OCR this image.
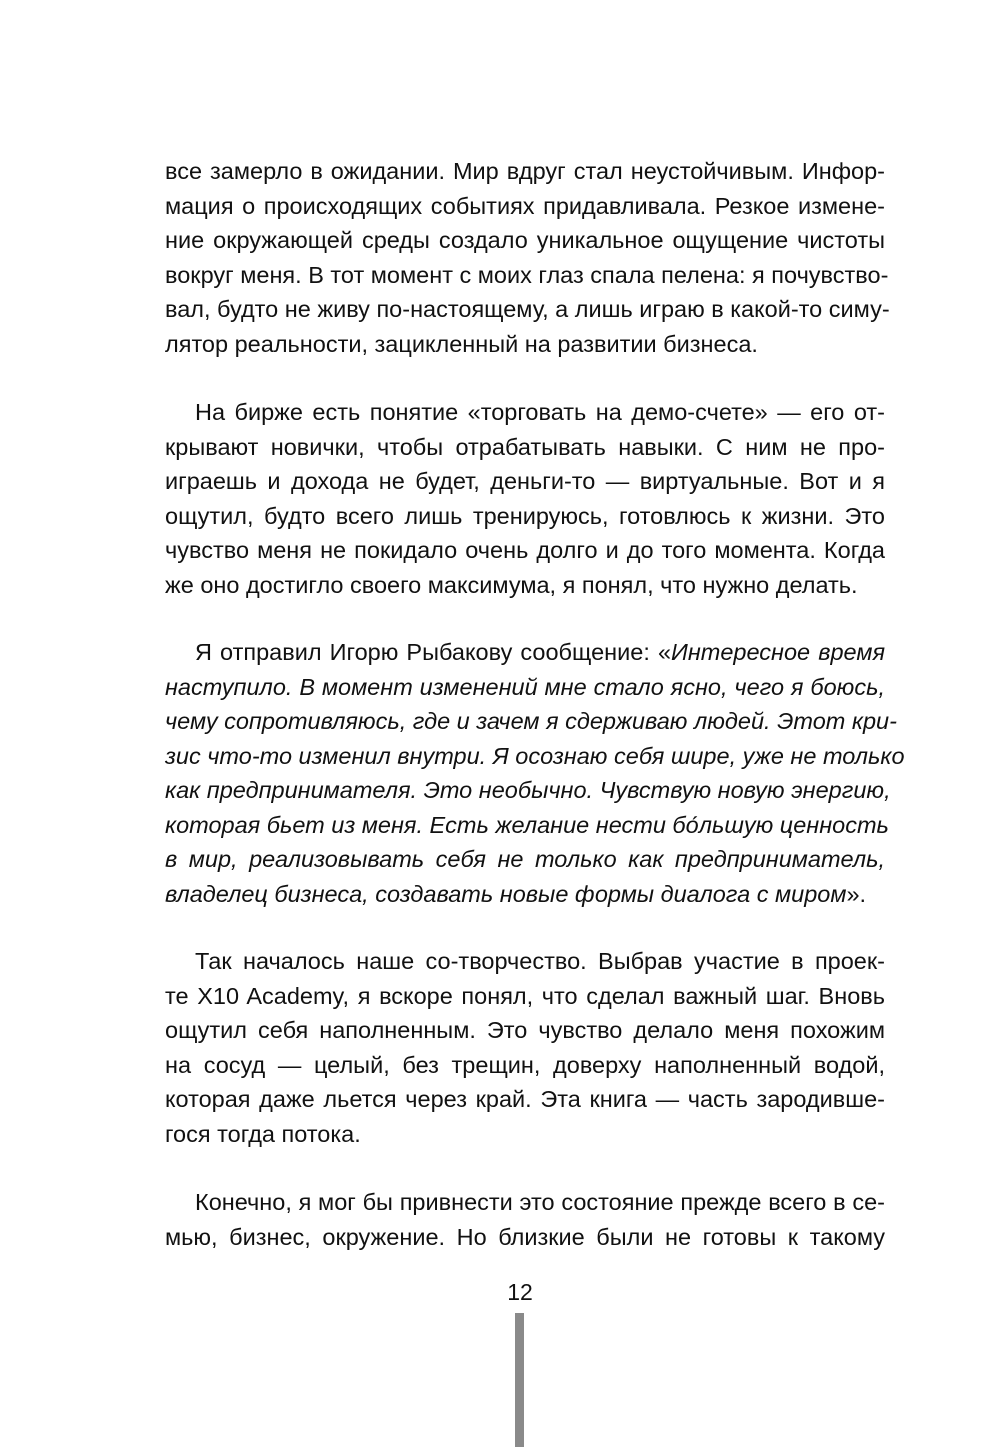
все замерло в ожидании. Мир вдруг стал неустойчивым. Инфор-
мация о происходящих событиях придавливала. Резкое измене-
ние окружающей среды создало уникальное ощущение чистоты
вокруг меня. В тот момент с моих глаз спала пелена: я почувство-
вал, будто не живу по-настоящему, а лишь играю в какой-то симу-
лятор реальности, зацикленный на развитии бизнеса.
На бирже есть понятие «торговать на демо-счете» — его от-
крывают новички, чтобы отрабатывать навыки. С ним не про-
играешь и дохода не будет, деньги-то — виртуальные. Вот и я
ощутил, будто всего лишь тренируюсь, готовлюсь к жизни. Это
чувство меня не покидало очень долго и до того момента. Когда
же оно достигло своего максимума, я понял, что нужно делать.
Я отправил Игорю Рыбакову сообщение: «Интересное время
наступило. В момент изменений мне стало ясно, чего я боюсь,
чему сопротивляюсь, где и зачем я сдерживаю людей. Этот кри-
зис что-то изменил внутри. Я осознаю себя шире, уже не только
как предпринимателя. Это необычно. Чувствую новую энергию,
которая бьет из меня. Есть желание нести бо́льшую ценность
в мир, реализовывать себя не только как предприниматель,
владелец бизнеса, создавать новые формы диалога с миром».
Так началось наше со-творчество. Выбрав участие в проек-
те X10 Academy, я вскоре понял, что сделал важный шаг. Вновь
ощутил себя наполненным. Это чувство делало меня похожим
на сосуд — целый, без трещин, доверху наполненный водой,
которая даже льется через край. Эта книга — часть зародивше-
гося тогда потока.
Конечно, я мог бы привнести это состояние прежде всего в се-
мью, бизнес, окружение. Но близкие были не готовы к такому
12
